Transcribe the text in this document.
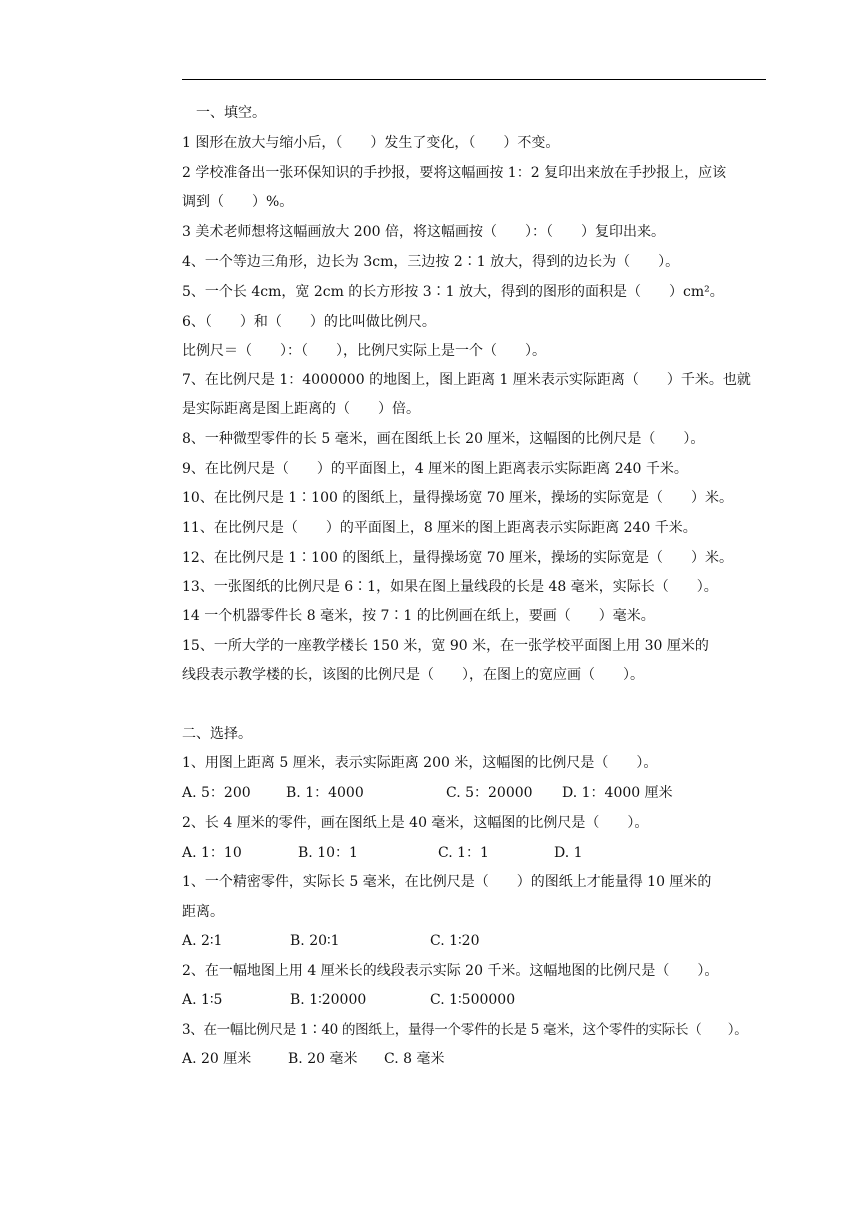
一、填空。
1 图形在放大与缩小后，（　　）发生了变化，（　　）不变。
2 学校准备出一张环保知识的手抄报，要将这幅画按 1：2 复印出来放在手抄报上，应该
调到（　　）%。
3 美术老师想将这幅画放大 200 倍，将这幅画按（　　）：（　　）复印出来。
4、一个等边三角形，边长为 3cm，三边按 2∶1 放大，得到的边长为（　　）。
5、一个长 4cm，宽 2cm 的长方形按 3∶1 放大，得到的图形的面积是（　　）cm²。
6、（　　）和（　　）的比叫做比例尺。
比例尺＝（　　）：（　　），比例尺实际上是一个（　　）。
7、在比例尺是 1：4000000 的地图上，图上距离 1 厘米表示实际距离（　　）千米。也就
是实际距离是图上距离的（　　）倍。
8、一种微型零件的长 5 毫米，画在图纸上长 20 厘米，这幅图的比例尺是（　　）。
9、在比例尺是（　　）的平面图上，4 厘米的图上距离表示实际距离 240 千米。
10、在比例尺是 1∶100 的图纸上，量得操场宽 70 厘米，操场的实际宽是（　　）米。
11、在比例尺是（　　）的平面图上，8 厘米的图上距离表示实际距离 240 千米。
12、在比例尺是 1∶100 的图纸上，量得操场宽 70 厘米，操场的实际宽是（　　）米。
13、一张图纸的比例尺是 6∶1，如果在图上量线段的长是 48 毫米，实际长（　　）。
14 一个机器零件长 8 毫米，按 7∶1 的比例画在纸上，要画（　　）毫米。
15、一所大学的一座教学楼长 150 米，宽 90 米，在一张学校平面图上用 30 厘米的
线段表示教学楼的长，该图的比例尺是（　　），在图上的宽应画（　　）。
二、选择。
1、用图上距离 5 厘米，表示实际距离 200 米，这幅图的比例尺是（　　）。
A. 5：200	B. 1：4000	C. 5：20000 D. 1：4000 厘米
2、长 4 厘米的零件，画在图纸上是 40 毫米，这幅图的比例尺是（　　）。
A. 1：10	B. 10：1	C. 1：1	D. 1
1、一个精密零件，实际长 5 毫米，在比例尺是（　　）的图纸上才能量得 10 厘米的
距离。
A. 2∶1	B. 20∶1	C. 1∶20
2、在一幅地图上用 4 厘米长的线段表示实际 20 千米。这幅地图的比例尺是（　　）。
A. 1∶5	B. 1∶20000	C. 1∶500000
3、在一幅比例尺是 1∶40 的图纸上，量得一个零件的长是 5 毫米，这个零件的实际长（　　）。
A. 20 厘米	B. 20 毫米 C. 8 毫米
